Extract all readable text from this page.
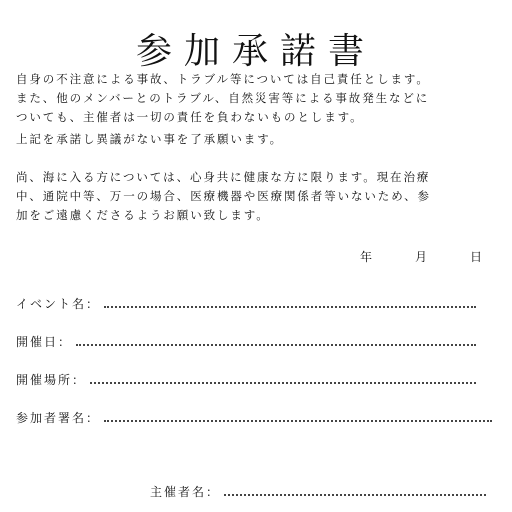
参加承諾書
自身の不注意による事故、トラブル等については自己責任とします。
また、他のメンバーとのトラブル、自然災害等による事故発生などに
ついても、主催者は一切の責任を負わないものとします。
上記を承諾し異議がない事を了承願います。
尚、海に入る方については、心身共に健康な方に限ります。現在治療
中、通院中等、万一の場合、医療機器や医療関係者等いないため、参
加をご遠慮くださるようお願い致します。
年	月	日
イベント名：
開催日：
開催場所：
参加者署名：
主催者名：
